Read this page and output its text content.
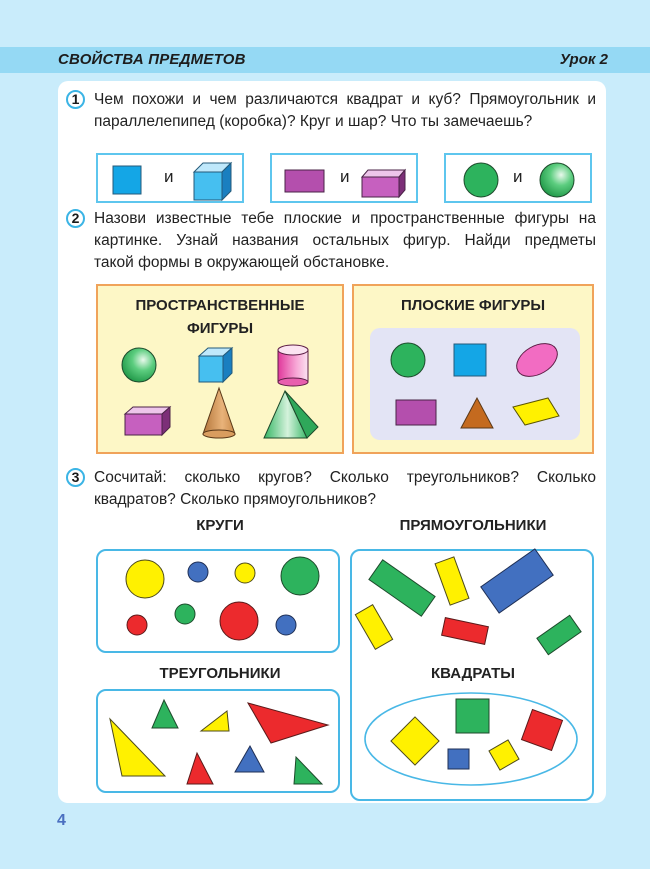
СВОЙСТВА ПРЕДМЕТОВ	Урок 2
1 Чем похожи и чем различаются квадрат и куб? Прямоугольник и
параллелепипед (коробка)? Круг и шар? Что ты замечаешь?
и	и	и
2 Назови известные тебе плоские и пространственные фигуры на
картинке. Узнай названия остальных фигур. Найди предметы
такой формы в окружающей обстановке.
ПРОСТРАНСТВЕННЫЕ
ФИГУРЫ
ПЛОСКИЕ ФИГУРЫ
3 Сосчитай: сколько кругов? Сколько треугольников? Сколько
квадратов? Сколько прямоугольников?
КРУГИ	ПРЯМОУГОЛЬНИКИ
ТРЕУГОЛЬНИКИ	КВАДРАТЫ
4
